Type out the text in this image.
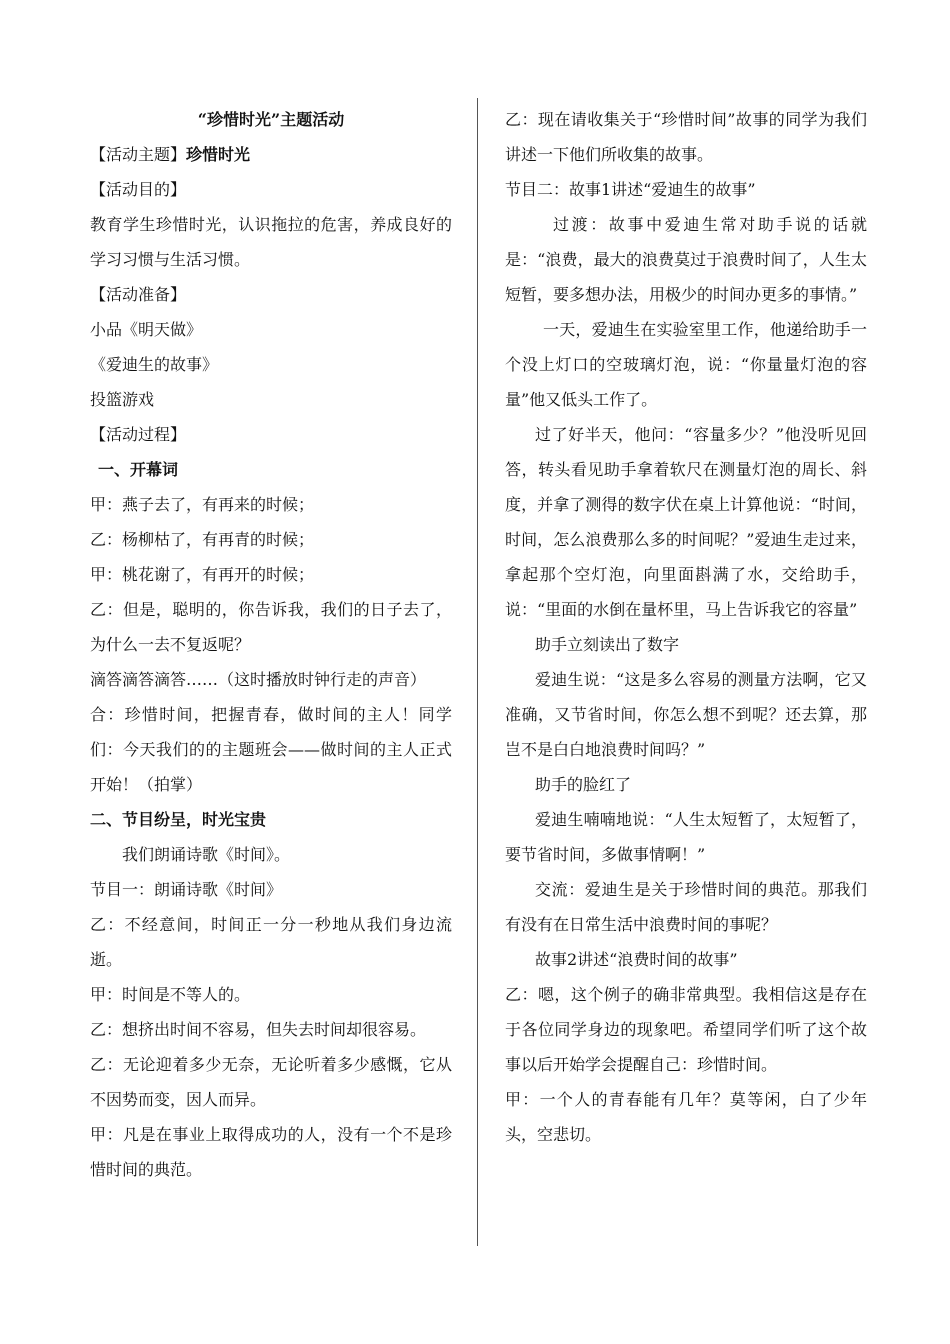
“珍惜时光”主题活动

【活动主题】珍惜时光

【活动目的】

教育学生珍惜时光，认识拖拉的危害，养成良好的学习习惯与生活习惯。

【活动准备】

小品《明天做》

《爱迪生的故事》

投篮游戏

【活动过程】

一、开幕词

甲：燕子去了，有再来的时候；

乙：杨柳枯了，有再青的时候；

甲：桃花谢了，有再开的时候；

乙：但是，聪明的，你告诉我，我们的日子去了，为什么一去不复返呢？

滴答滴答滴答……（这时播放时钟行走的声音）

合：珍惜时间，把握青春，做时间的主人！同学们：今天我们的的主题班会——做时间的主人正式开始！（拍掌）

二、节目纷呈，时光宝贵

我们朗诵诗歌《时间》。

节目一：朗诵诗歌《时间》

乙：不经意间，时间正一分一秒地从我们身边流逝。

甲：时间是不等人的。

乙：想挤出时间不容易，但失去时间却很容易。

乙：无论迎着多少无奈，无论听着多少感慨，它从不因势而变，因人而异。

甲：凡是在事业上取得成功的人，没有一个不是珍惜时间的典范。

乙：现在请收集关于“珍惜时间”故事的同学为我们讲述一下他们所收集的故事。

节目二：故事1讲述“爱迪生的故事”

过渡：故事中爱迪生常对助手说的话就是：“浪费，最大的浪费莫过于浪费时间了，人生太短暂，要多想办法，用极少的时间办更多的事情。”

一天，爱迪生在实验室里工作，他递给助手一个没上灯口的空玻璃灯泡，说：“你量量灯泡的容量”他又低头工作了。

过了好半天，他问：“容量多少？”他没听见回答，转头看见助手拿着软尺在测量灯泡的周长、斜度，并拿了测得的数字伏在桌上计算他说：“时间，时间，怎么浪费那么多的时间呢？”爱迪生走过来，拿起那个空灯泡，向里面斟满了水，交给助手，说：“里面的水倒在量杯里，马上告诉我它的容量”

助手立刻读出了数字

爱迪生说：“这是多么容易的测量方法啊，它又准确，又节省时间，你怎么想不到呢？还去算，那岂不是白白地浪费时间吗？”

助手的脸红了

爱迪生喃喃地说：“人生太短暂了，太短暂了，要节省时间，多做事情啊！”

交流：爱迪生是关于珍惜时间的典范。那我们有没有在日常生活中浪费时间的事呢？

故事2讲述“浪费时间的故事”

乙：嗯，这个例子的确非常典型。我相信这是存在于各位同学身边的现象吧。希望同学们听了这个故事以后开始学会提醒自己：珍惜时间。

甲：一个人的青春能有几年？莫等闲，白了少年头，空悲切。
